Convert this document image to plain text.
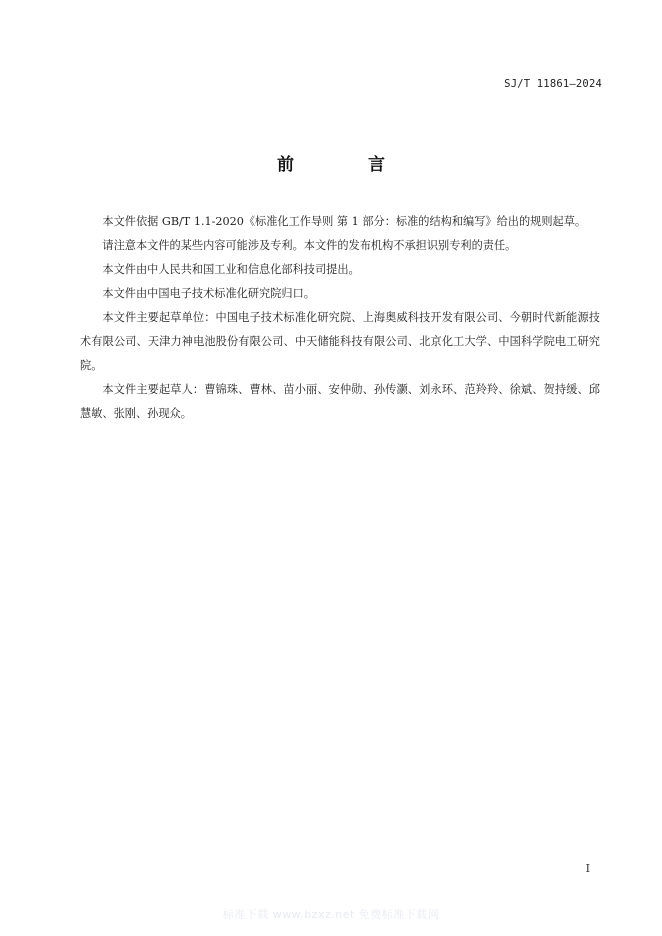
SJ/T 11861—2024
前 言

本文件依据 GB/T 1.1-2020《标准化工作导则 第 1 部分：标准的结构和编写》给出的规则起草。

请注意本文件的某些内容可能涉及专利。本文件的发布机构不承担识别专利的责任。

本文件由中人民共和国工业和信息化部科技司提出。

本文件由中国电子技术标准化研究院归口。

本文件主要起草单位：中国电子技术标准化研究院、上海奥威科技开发有限公司、今朝时代新能源技术有限公司、天津力神电池股份有限公司、中天储能科技有限公司、北京化工大学、中国科学院电工研究院。

本文件主要起草人：曹锦珠、曹林、苗小丽、安仲勋、孙传灏、刘永环、范羚羚、徐斌、贺持缓、邱慧敏、张刚、孙现众。

I
标准下载 www.bzxz.net 免费标准下载网
